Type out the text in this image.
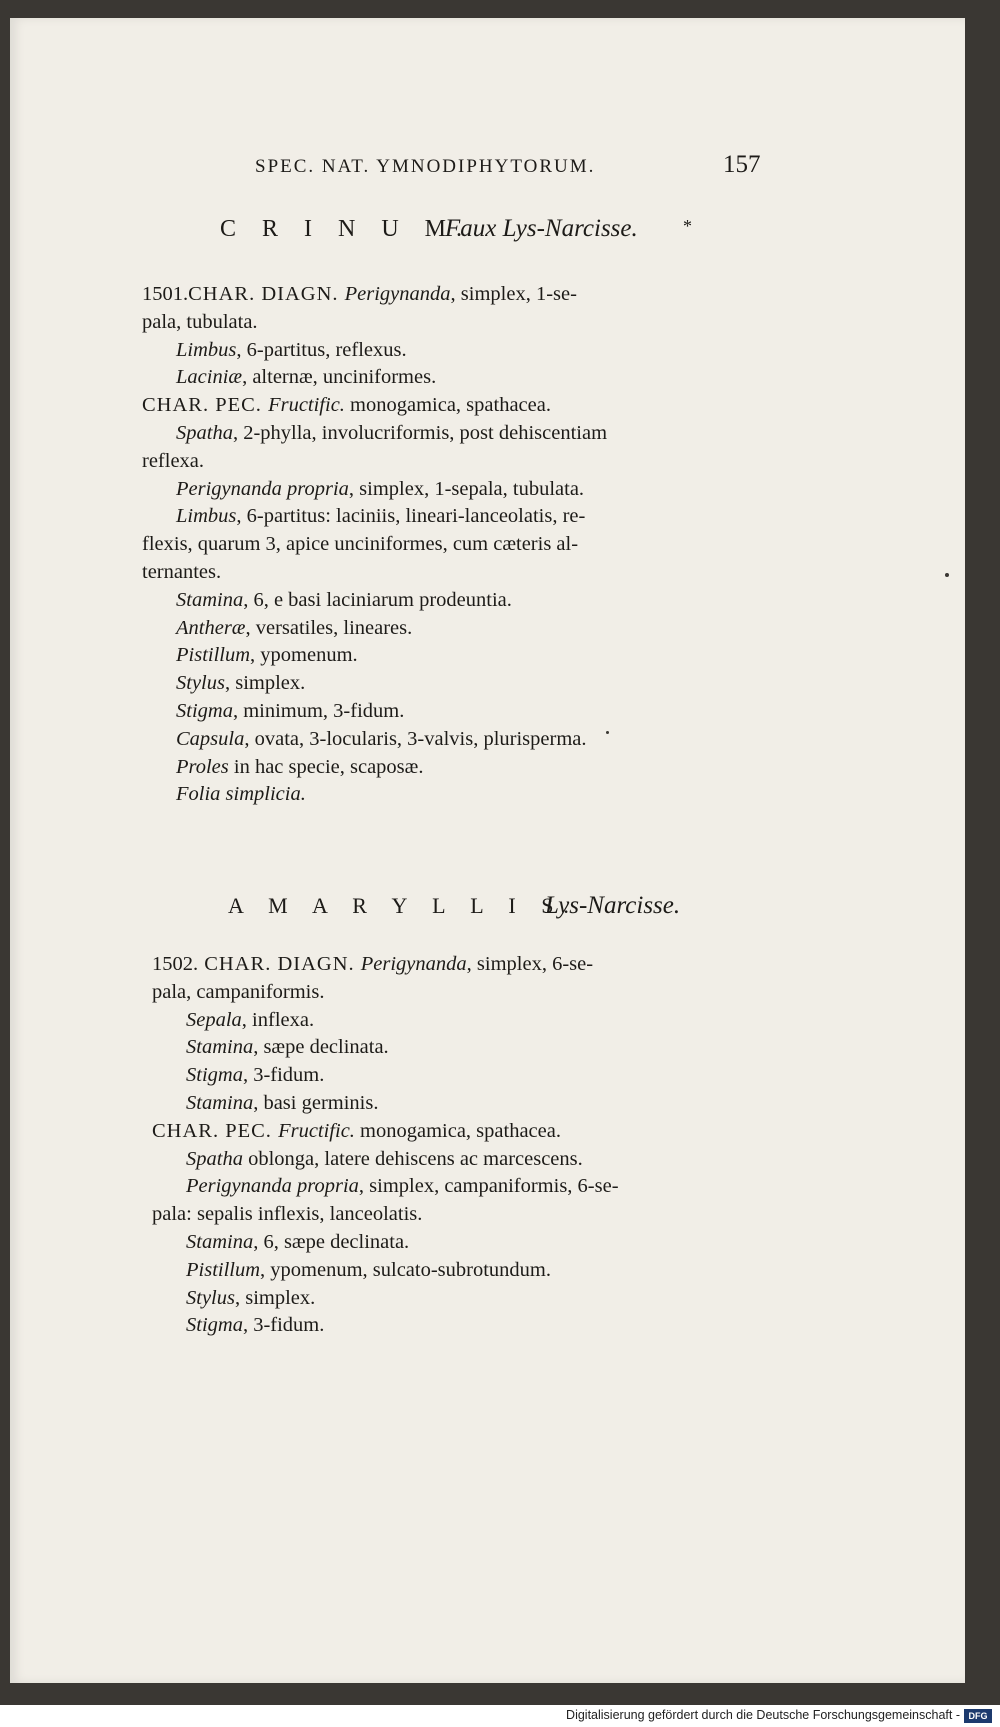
SPEC. NAT. YMNODIPHYTORUM.	157
C R I N U M.
Faux Lys-Narcisse.	*
1501.CHAR. DIAGN. Perigynanda, simplex, 1-se-
pala, tubulata.
Limbus, 6-partitus, reflexus.
Laciniæ, alternæ, unciniformes.
CHAR. PEC. Fructific. monogamica, spathacea.
Spatha, 2-phylla, involucriformis, post dehiscentiam
reflexa.
Perigynanda propria, simplex, 1-sepala, tubulata.
Limbus, 6-partitus: laciniis, lineari-lanceolatis, re-
flexis, quarum 3, apice unciniformes, cum cæteris al-
ternantes.
Stamina, 6, e basi laciniarum prodeuntia.
Antheræ, versatiles, lineares.
Pistillum, ypomenum.
Stylus, simplex.
Stigma, minimum, 3-fidum.
Capsula, ovata, 3-locularis, 3-valvis, plurisperma.
Proles in hac specie, scaposæ.
Folia simplicia.
A M A R Y L L I S.
Lys-Narcisse.
1502. CHAR. DIAGN. Perigynanda, simplex, 6-se-
pala, campaniformis.
Sepala, inflexa.
Stamina, sæpe declinata.
Stigma, 3-fidum.
Stamina, basi germinis.
CHAR. PEC. Fructific. monogamica, spathacea.
Spatha oblonga, latere dehiscens ac marcescens.
Perigynanda propria, simplex, campaniformis, 6-se-
pala: sepalis inflexis, lanceolatis.
Stamina, 6, sæpe declinata.
Pistillum, ypomenum, sulcato-subrotundum.
Stylus, simplex.
Stigma, 3-fidum.
Digitalisierung gefördert durch die Deutsche Forschungsgemeinschaft - DFG
